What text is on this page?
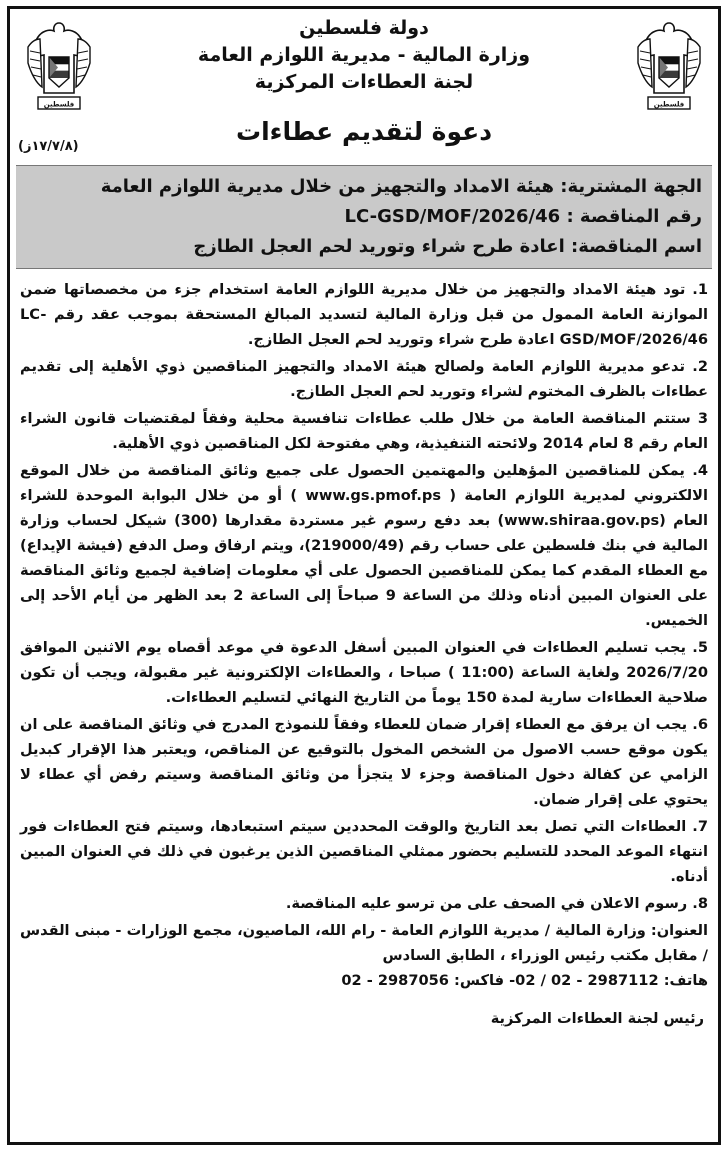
فلسطين
فلسطين
دولة فلسطين
وزارة المالية - مديرية اللوازم العامة
لجنة العطاءات المركزية
دعوة لتقديم عطاءات
(١٧/٧/٨ز)
الجهة المشترية: هيئة الامداد والتجهيز من خلال مديرية اللوازم العامة
رقم المناقصة : LC-GSD/MOF/2026/46
اسم المناقصة: اعادة طرح شراء وتوريد لحم العجل الطازج

1. تود هيئة الامداد والتجهيز من خلال مديرية اللوازم العامة استخدام جزء من مخصصاتها ضمن الموازنة العامة الممول من قبل وزارة المالية لتسديد المبالغ المستحقة بموجب عقد رقم LC-GSD/MOF/2026/46 اعادة طرح شراء وتوريد لحم العجل الطازج.

2. تدعو مديرية اللوازم العامة ولصالح هيئة الامداد والتجهيز المناقصين ذوي الأهلية إلى تقديم عطاءات بالظرف المختوم لشراء وتوريد لحم العجل الطازج.

3 ستتم المناقصة العامة من خلال طلب عطاءات تنافسية محلية وفقاً لمقتضيات قانون الشراء العام رقم 8 لعام 2014 ولائحته التنفيذية، وهي مفتوحة لكل المناقصين ذوي الأهلية.

4. يمكن للمناقصين المؤهلين والمهتمين الحصول على جميع وثائق المناقصة من خلال الموقع الالكتروني لمديرية اللوازم العامة ( www.gs.pmof.ps ) أو من خلال البوابة الموحدة للشراء العام (www.shiraa.gov.ps) بعد دفع رسوم غير مستردة مقدارها (300) شيكل لحساب وزارة المالية في بنك فلسطين على حساب رقم (219000/49)، ويتم ارفاق وصل الدفع (فيشة الإيداع) مع العطاء المقدم كما يمكن للمناقصين الحصول على أي معلومات إضافية لجميع وثائق المناقصة على العنوان المبين أدناه وذلك من الساعة 9 صباحاً إلى الساعة 2 بعد الظهر من أيام الأحد إلى الخميس.

5. يجب تسليم العطاءات في العنوان المبين أسفل الدعوة في موعد أقصاه يوم الاثنين الموافق 2026/7/20 ولغاية الساعة (11:00 ) صباحا ، والعطاءات الإلكترونية غير مقبولة، ويجب أن تكون صلاحية العطاءات سارية لمدة 150 يوماً من التاريخ النهائي لتسليم العطاءات.

6. يجب ان يرفق مع العطاء إقرار ضمان للعطاء وفقاً للنموذج المدرج في وثائق المناقصة على ان يكون موقع حسب الاصول من الشخص المخول بالتوقيع عن المناقص، ويعتبر هذا الإقرار كبديل الزامي عن كفالة دخول المناقصة وجزء لا يتجزأ من وثائق المناقصة وسيتم رفض أي عطاء لا يحتوي على إقرار ضمان.

7. العطاءات التي تصل بعد التاريخ والوقت المحددين سيتم استبعادها، وسيتم فتح العطاءات فور انتهاء الموعد المحدد للتسليم بحضور ممثلي المناقصين الذين يرغبون في ذلك في العنوان المبين أدناه.

8. رسوم الاعلان في الصحف على من ترسو عليه المناقصة.

العنوان: وزارة المالية / مديرية اللوازم العامة - رام الله، الماصيون، مجمع الوزارات - مبنى القدس / مقابل مكتب رئيس الوزراء ، الطابق السادس
هاتف: 2987112 - 02 / 02- فاكس: 2987056 - 02
رئيس لجنة العطاءات المركزية
